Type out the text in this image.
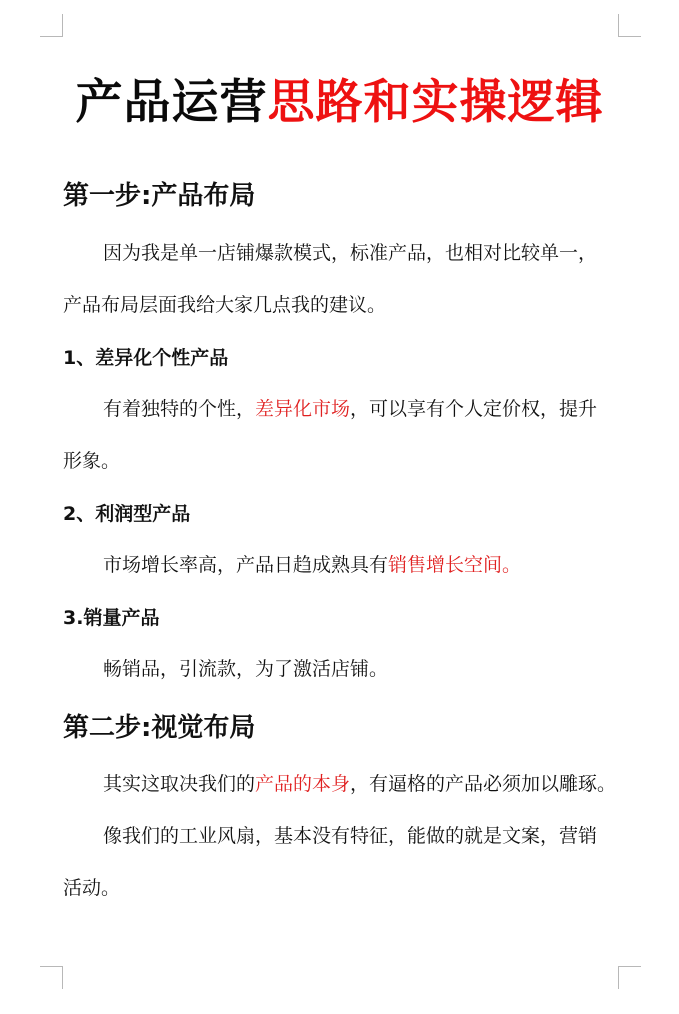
产品运营思路和实操逻辑
第一步:产品布局
因为我是单一店铺爆款模式，标准产品，也相对比较单一，
产品布局层面我给大家几点我的建议。
1、差异化个性产品
有着独特的个性，差异化市场，可以享有个人定价权，提升
形象。
2、利润型产品
市场增长率高，产品日趋成熟具有销售增长空间。
3.销量产品
畅销品，引流款，为了激活店铺。
第二步:视觉布局
其实这取决我们的产品的本身，有逼格的产品必须加以雕琢。
像我们的工业风扇，基本没有特征，能做的就是文案，营销
活动。
